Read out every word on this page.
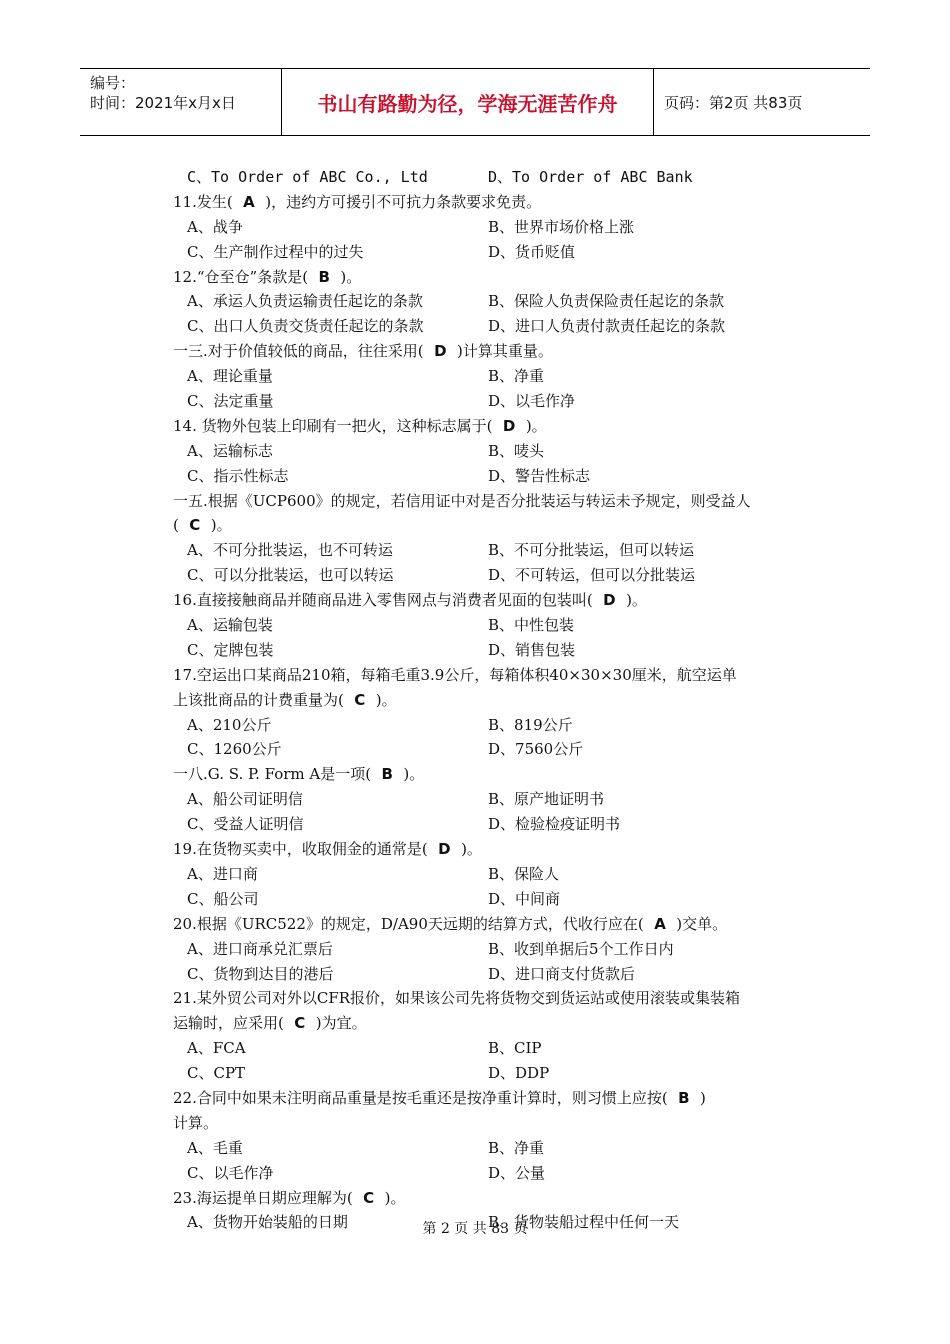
编号：
时间：2021年x月x日	书山有路勤为径，学海无涯苦作舟	页码：第2页 共83页
C、To Order of ABC Co., Ltd	D、To Order of ABC Bank
11.发生(  A  )，违约方可援引不可抗力条款要求免责。
A、战争	B、世界市场价格上涨
C、生产制作过程中的过失	D、货币贬值
12.“仓至仓”条款是(  B  )。
A、承运人负责运输责任起讫的条款	B、保险人负责保险责任起讫的条款
C、出口人负责交货责任起讫的条款	D、进口人负责付款责任起讫的条款
一三.对于价值较低的商品，往往采用(  D  )计算其重量。
A、理论重量	B、净重
C、法定重量	D、以毛作净
14. 货物外包装上印刷有一把火，这种标志属于(  D  )。
A、运输标志	B、唛头
C、指示性标志	D、警告性标志
一五.根据《UCP600》的规定，若信用证中对是否分批装运与转运未予规定，则受益人
(  C  )。
A、不可分批装运，也不可转运	B、不可分批装运，但可以转运
C、可以分批装运，也可以转运	D、不可转运，但可以分批装运
16.直接接触商品并随商品进入零售网点与消费者见面的包装叫(  D  )。
A、运输包装	B、中性包装
C、定牌包装	D、销售包装
17.空运出口某商品210箱，每箱毛重3.9公斤，每箱体积40×30×30厘米，航空运单
上该批商品的计费重量为(  C  )。
A、210公斤	B、819公斤
C、1260公斤	D、7560公斤
一八.G. S. P. Form A是一项(  B  )。
A、船公司证明信	B、原产地证明书
C、受益人证明信	D、检验检疫证明书
19.在货物买卖中，收取佣金的通常是(  D  )。
A、进口商	B、保险人
C、船公司	D、中间商
20.根据《URC522》的规定，D/A90天远期的结算方式，代收行应在(  A  )交单。
A、进口商承兑汇票后	B、收到单据后5个工作日内
C、货物到达目的港后	D、进口商支付货款后
21.某外贸公司对外以CFR报价，如果该公司先将货物交到货运站或使用滚装或集装箱
运输时，应采用(  C  )为宜。
A、FCA	B、CIP
C、CPT	D、DDP
22.合同中如果未注明商品重量是按毛重还是按净重计算时，则习惯上应按(  B  )
计算。
A、毛重	B、净重
C、以毛作净	D、公量
23.海运提单日期应理解为(  C  )。
A、货物开始装船的日期	B、货物装船过程中任何一天
第 2 页 共 83 页
